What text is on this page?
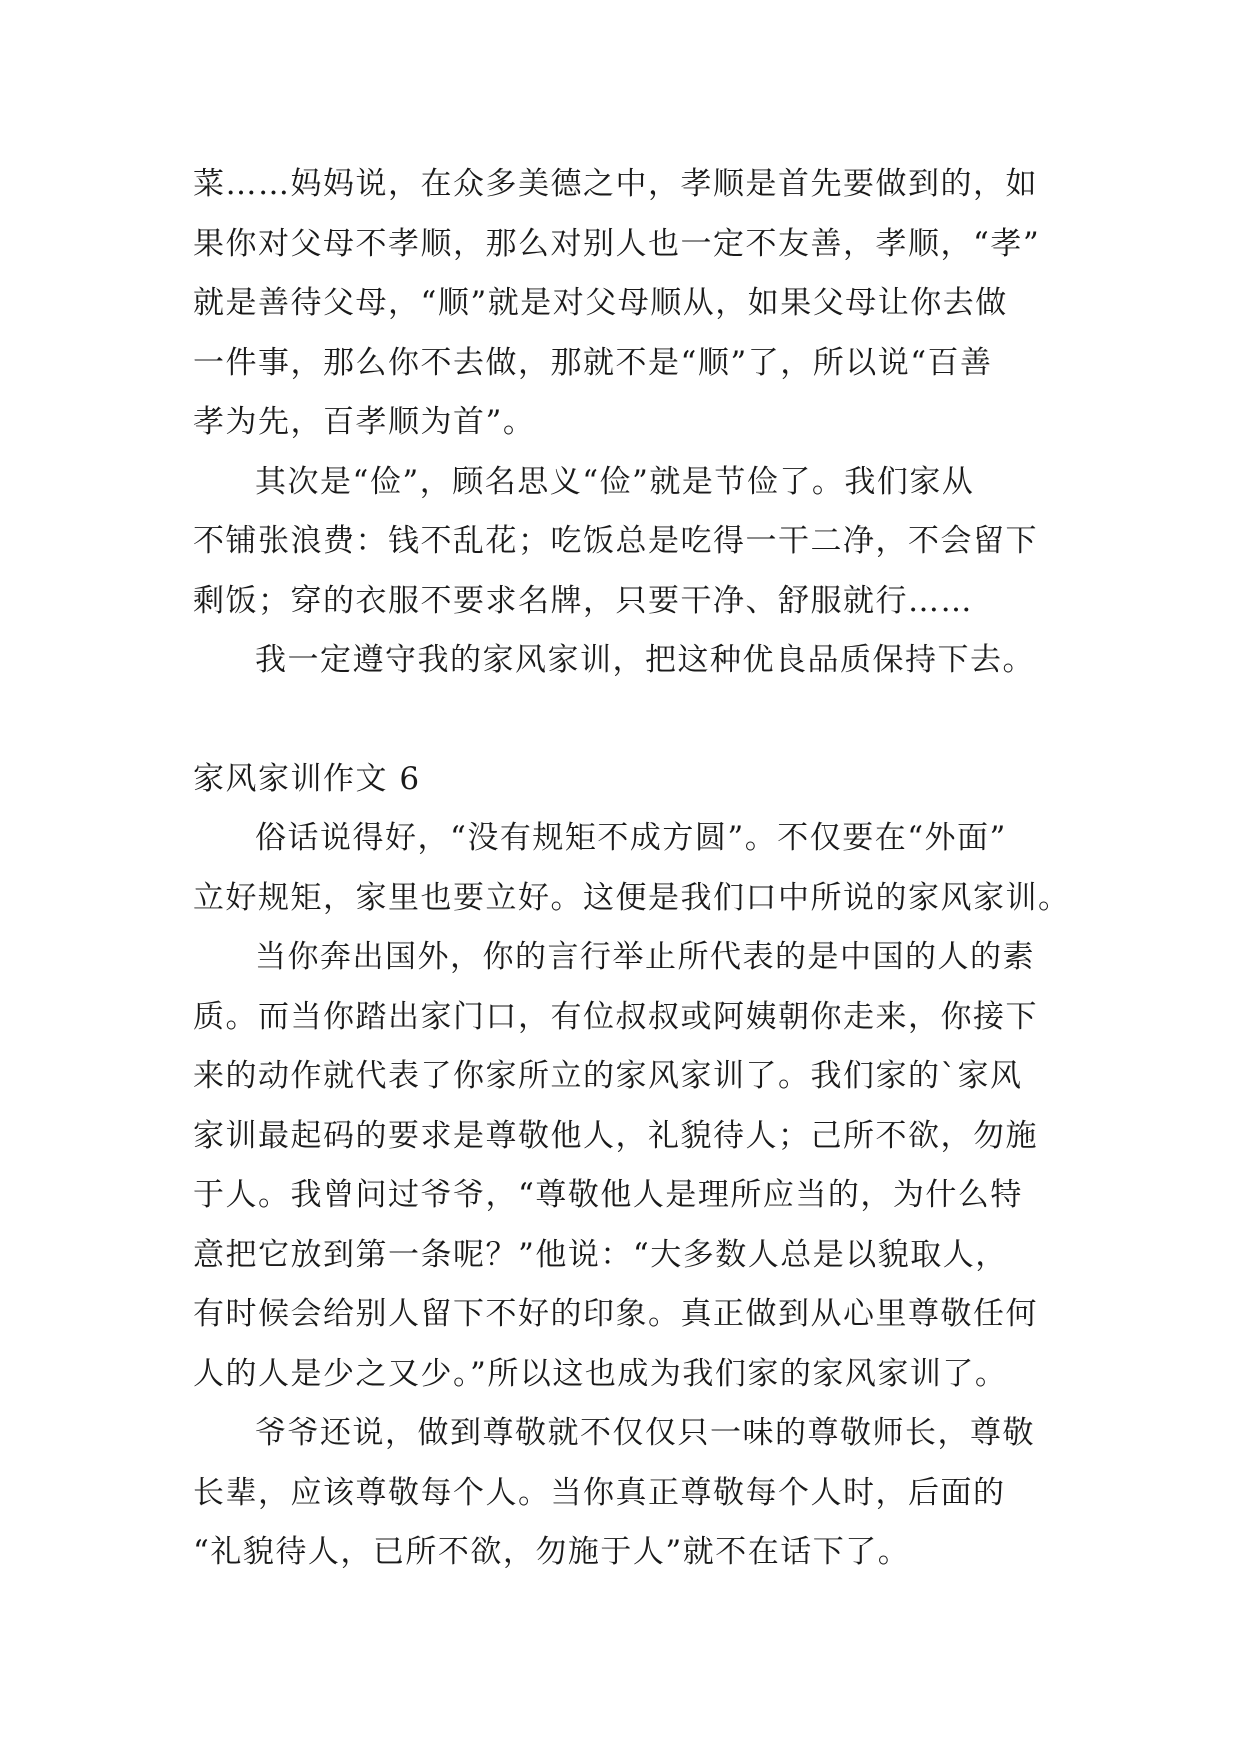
菜……妈妈说，在众多美德之中，孝顺是首先要做到的，如
果你对父母不孝顺，那么对别人也一定不友善，孝顺，“孝”
就是善待父母，“顺”就是对父母顺从，如果父母让你去做
一件事，那么你不去做，那就不是“顺”了，所以说“百善
孝为先，百孝顺为首”。
其次是“俭”，顾名思义“俭”就是节俭了。我们家从
不铺张浪费：钱不乱花；吃饭总是吃得一干二净，不会留下
剩饭；穿的衣服不要求名牌，只要干净、舒服就行……
我一定遵守我的家风家训，把这种优良品质保持下去。
家风家训作文 6
俗话说得好，“没有规矩不成方圆”。不仅要在“外面”
立好规矩，家里也要立好。这便是我们口中所说的家风家训。
当你奔出国外，你的言行举止所代表的是中国的人的素
质。而当你踏出家门口，有位叔叔或阿姨朝你走来，你接下
来的动作就代表了你家所立的家风家训了。我们家的`家风
家训最起码的要求是尊敬他人，礼貌待人；己所不欲，勿施
于人。我曾问过爷爷，“尊敬他人是理所应当的，为什么特
意把它放到第一条呢？”他说：“大多数人总是以貌取人，
有时候会给别人留下不好的印象。真正做到从心里尊敬任何
人的人是少之又少。”所以这也成为我们家的家风家训了。
爷爷还说，做到尊敬就不仅仅只一味的尊敬师长，尊敬
长辈，应该尊敬每个人。当你真正尊敬每个人时，后面的
“礼貌待人，已所不欲，勿施于人”就不在话下了。
